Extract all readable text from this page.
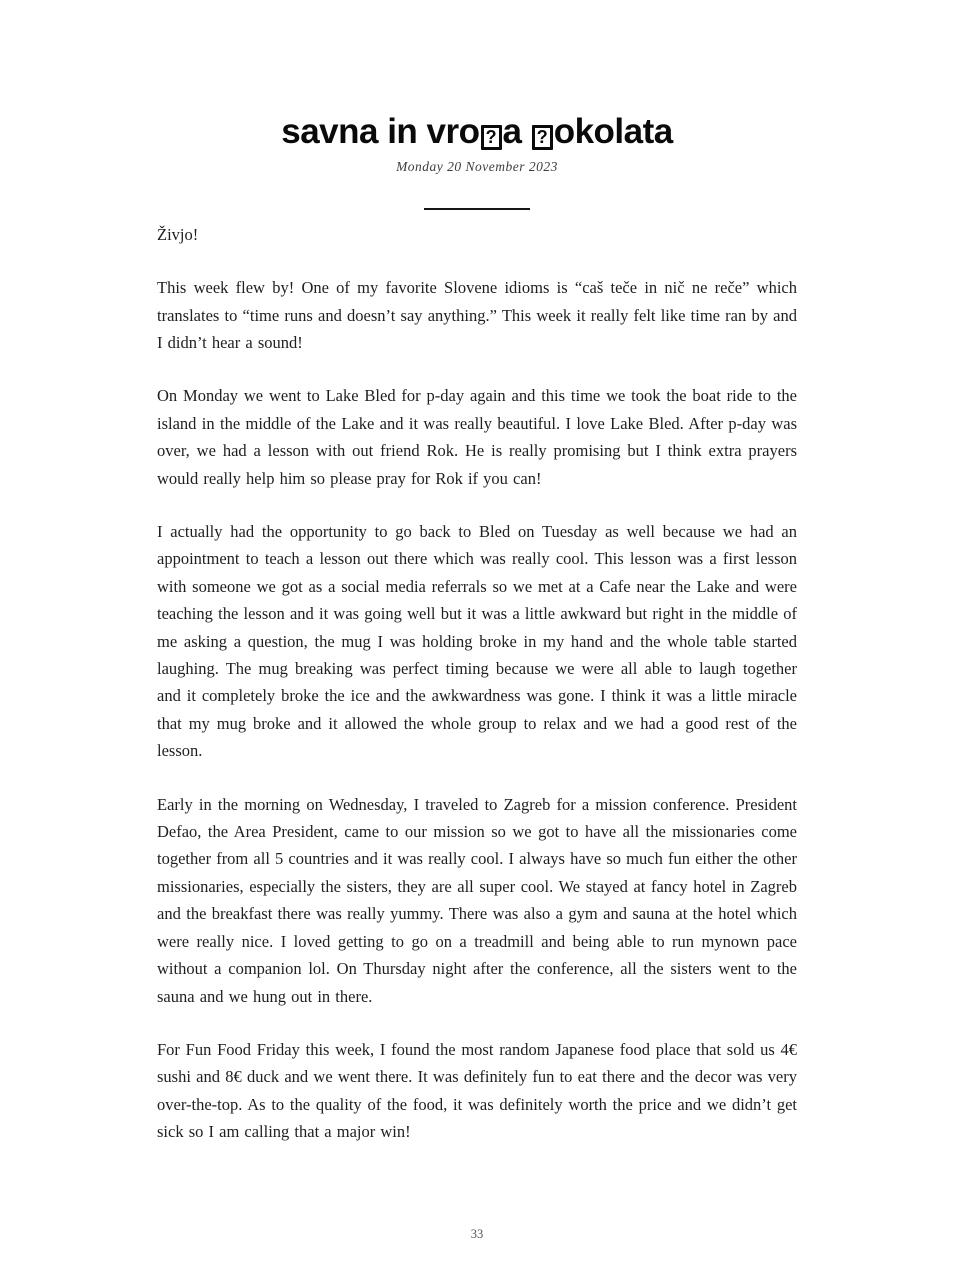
savna in vro ? a ? okolata
Monday 20 November 2023

Živjo!

This week flew by! One of my favorite Slovene idioms is “caš teče in nič ne reče” which translates to “time runs and doesn’t say anything.” This week it really felt like time ran by and I didn’t hear a sound!

On Monday we went to Lake Bled for p-day again and this time we took the boat ride to the island in the middle of the Lake and it was really beautiful. I love Lake Bled. After p-day was over, we had a lesson with out friend Rok. He is really promising but I think extra prayers would really help him so please pray for Rok if you can!

I actually had the opportunity to go back to Bled on Tuesday as well because we had an appointment to teach a lesson out there which was really cool. This lesson was a first lesson with someone we got as a social media referrals so we met at a Cafe near the Lake and were teaching the lesson and it was going well but it was a little awkward but right in the middle of me asking a question, the mug I was holding broke in my hand and the whole table started laughing. The mug breaking was perfect timing because we were all able to laugh together and it completely broke the ice and the awkwardness was gone. I think it was a little miracle that my mug broke and it allowed the whole group to relax and we had a good rest of the lesson.

Early in the morning on Wednesday, I traveled to Zagreb for a mission conference. President Defao, the Area President, came to our mission so we got to have all the missionaries come together from all 5 countries and it was really cool. I always have so much fun either the other missionaries, especially the sisters, they are all super cool. We stayed at fancy hotel in Zagreb and the breakfast there was really yummy. There was also a gym and sauna at the hotel which were really nice. I loved getting to go on a treadmill and being able to run mynown pace without a companion lol. On Thursday night after the conference, all the sisters went to the sauna and we hung out in there.

For Fun Food Friday this week, I found the most random Japanese food place that sold us 4€ sushi and 8€ duck and we went there. It was definitely fun to eat there and the decor was very over-the-top. As to the quality of the food, it was definitely worth the price and we didn’t get sick so I am calling that a major win!

33
